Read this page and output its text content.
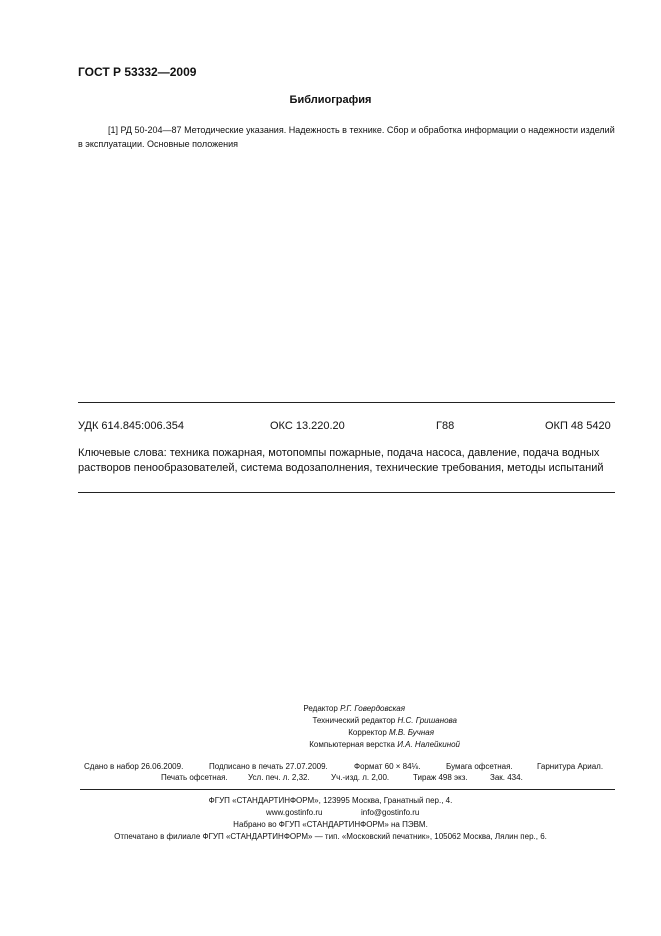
ГОСТ Р 53332—2009
Библиография
[1] РД 50-204—87 Методические указания. Надежность в технике. Сбор и обработка информации о надежности изделий в эксплуатации. Основные положения
УДК 614.845:006.354	ОКС 13.220.20	Г88	ОКП 48 5420
Ключевые слова: техника пожарная, мотопомпы пожарные, подача насоса, давление, подача водных растворов пенообразователей, система водозаполнения, технические требования, методы испытаний
Редактор Р.Г. Говердовская
Технический редактор Н.С. Гришанова
Корректор М.В. Бучная
Компьютерная верстка И.А. Налейкиной
Сдано в набор 26.06.2009.	Подписано в печать 27.07.2009.	Формат 60 × 84⅛.	Бумага офсетная.	Гарнитура Ариал.
Печать офсетная.	Усл. печ. л. 2,32.	Уч.-изд. л. 2,00.	Тираж 498 экз.	Зак. 434.
ФГУП «СТАНДАРТИНФОРМ», 123995 Москва, Гранатный пер., 4.
www.gostinfo.ru	info@gostinfo.ru
Набрано во ФГУП «СТАНДАРТИНФОРМ» на ПЭВМ.
Отпечатано в филиале ФГУП «СТАНДАРТИНФОРМ» — тип. «Московский печатник», 105062 Москва, Лялин пер., 6.
